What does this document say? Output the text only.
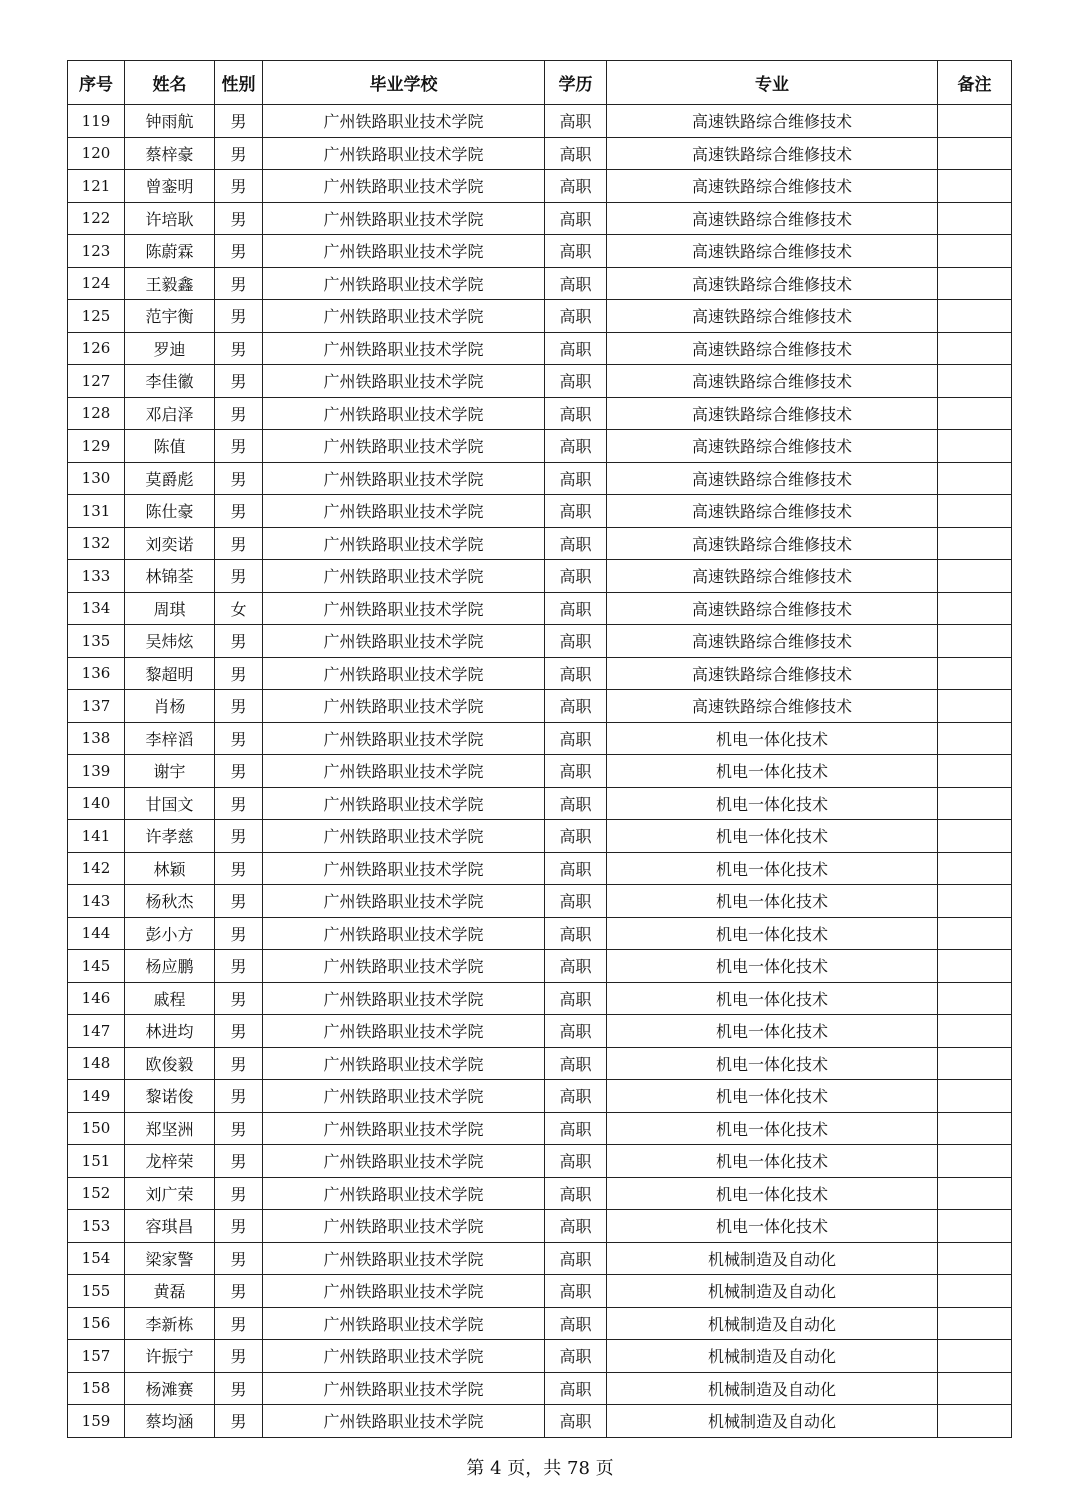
序号	姓名	性别	毕业学校	学历	专业	备注
119	钟雨航	男	广州铁路职业技术学院	高职	高速铁路综合维修技术	
120	蔡梓豪	男	广州铁路职业技术学院	高职	高速铁路综合维修技术	
121	曾銮明	男	广州铁路职业技术学院	高职	高速铁路综合维修技术	
122	许培耿	男	广州铁路职业技术学院	高职	高速铁路综合维修技术	
123	陈蔚霖	男	广州铁路职业技术学院	高职	高速铁路综合维修技术	
124	王毅鑫	男	广州铁路职业技术学院	高职	高速铁路综合维修技术	
125	范宇衡	男	广州铁路职业技术学院	高职	高速铁路综合维修技术	
126	罗迪	男	广州铁路职业技术学院	高职	高速铁路综合维修技术	
127	李佳徽	男	广州铁路职业技术学院	高职	高速铁路综合维修技术	
128	邓启泽	男	广州铁路职业技术学院	高职	高速铁路综合维修技术	
129	陈值	男	广州铁路职业技术学院	高职	高速铁路综合维修技术	
130	莫爵彪	男	广州铁路职业技术学院	高职	高速铁路综合维修技术	
131	陈仕豪	男	广州铁路职业技术学院	高职	高速铁路综合维修技术	
132	刘奕诺	男	广州铁路职业技术学院	高职	高速铁路综合维修技术	
133	林锦荃	男	广州铁路职业技术学院	高职	高速铁路综合维修技术	
134	周琪	女	广州铁路职业技术学院	高职	高速铁路综合维修技术	
135	吴炜炫	男	广州铁路职业技术学院	高职	高速铁路综合维修技术	
136	黎超明	男	广州铁路职业技术学院	高职	高速铁路综合维修技术	
137	肖杨	男	广州铁路职业技术学院	高职	高速铁路综合维修技术	
138	李梓滔	男	广州铁路职业技术学院	高职	机电一体化技术	
139	谢宇	男	广州铁路职业技术学院	高职	机电一体化技术	
140	甘国文	男	广州铁路职业技术学院	高职	机电一体化技术	
141	许孝慈	男	广州铁路职业技术学院	高职	机电一体化技术	
142	林颖	男	广州铁路职业技术学院	高职	机电一体化技术	
143	杨秋杰	男	广州铁路职业技术学院	高职	机电一体化技术	
144	彭小方	男	广州铁路职业技术学院	高职	机电一体化技术	
145	杨应鹏	男	广州铁路职业技术学院	高职	机电一体化技术	
146	戚程	男	广州铁路职业技术学院	高职	机电一体化技术	
147	林进均	男	广州铁路职业技术学院	高职	机电一体化技术	
148	欧俊毅	男	广州铁路职业技术学院	高职	机电一体化技术	
149	黎诺俊	男	广州铁路职业技术学院	高职	机电一体化技术	
150	郑坚洲	男	广州铁路职业技术学院	高职	机电一体化技术	
151	龙梓荣	男	广州铁路职业技术学院	高职	机电一体化技术	
152	刘广荣	男	广州铁路职业技术学院	高职	机电一体化技术	
153	容琪昌	男	广州铁路职业技术学院	高职	机电一体化技术	
154	梁家警	男	广州铁路职业技术学院	高职	机械制造及自动化	
155	黄磊	男	广州铁路职业技术学院	高职	机械制造及自动化	
156	李新栋	男	广州铁路职业技术学院	高职	机械制造及自动化	
157	许振宁	男	广州铁路职业技术学院	高职	机械制造及自动化	
158	杨滩赛	男	广州铁路职业技术学院	高职	机械制造及自动化	
159	蔡均涵	男	广州铁路职业技术学院	高职	机械制造及自动化	
第 4 页，共 78 页
